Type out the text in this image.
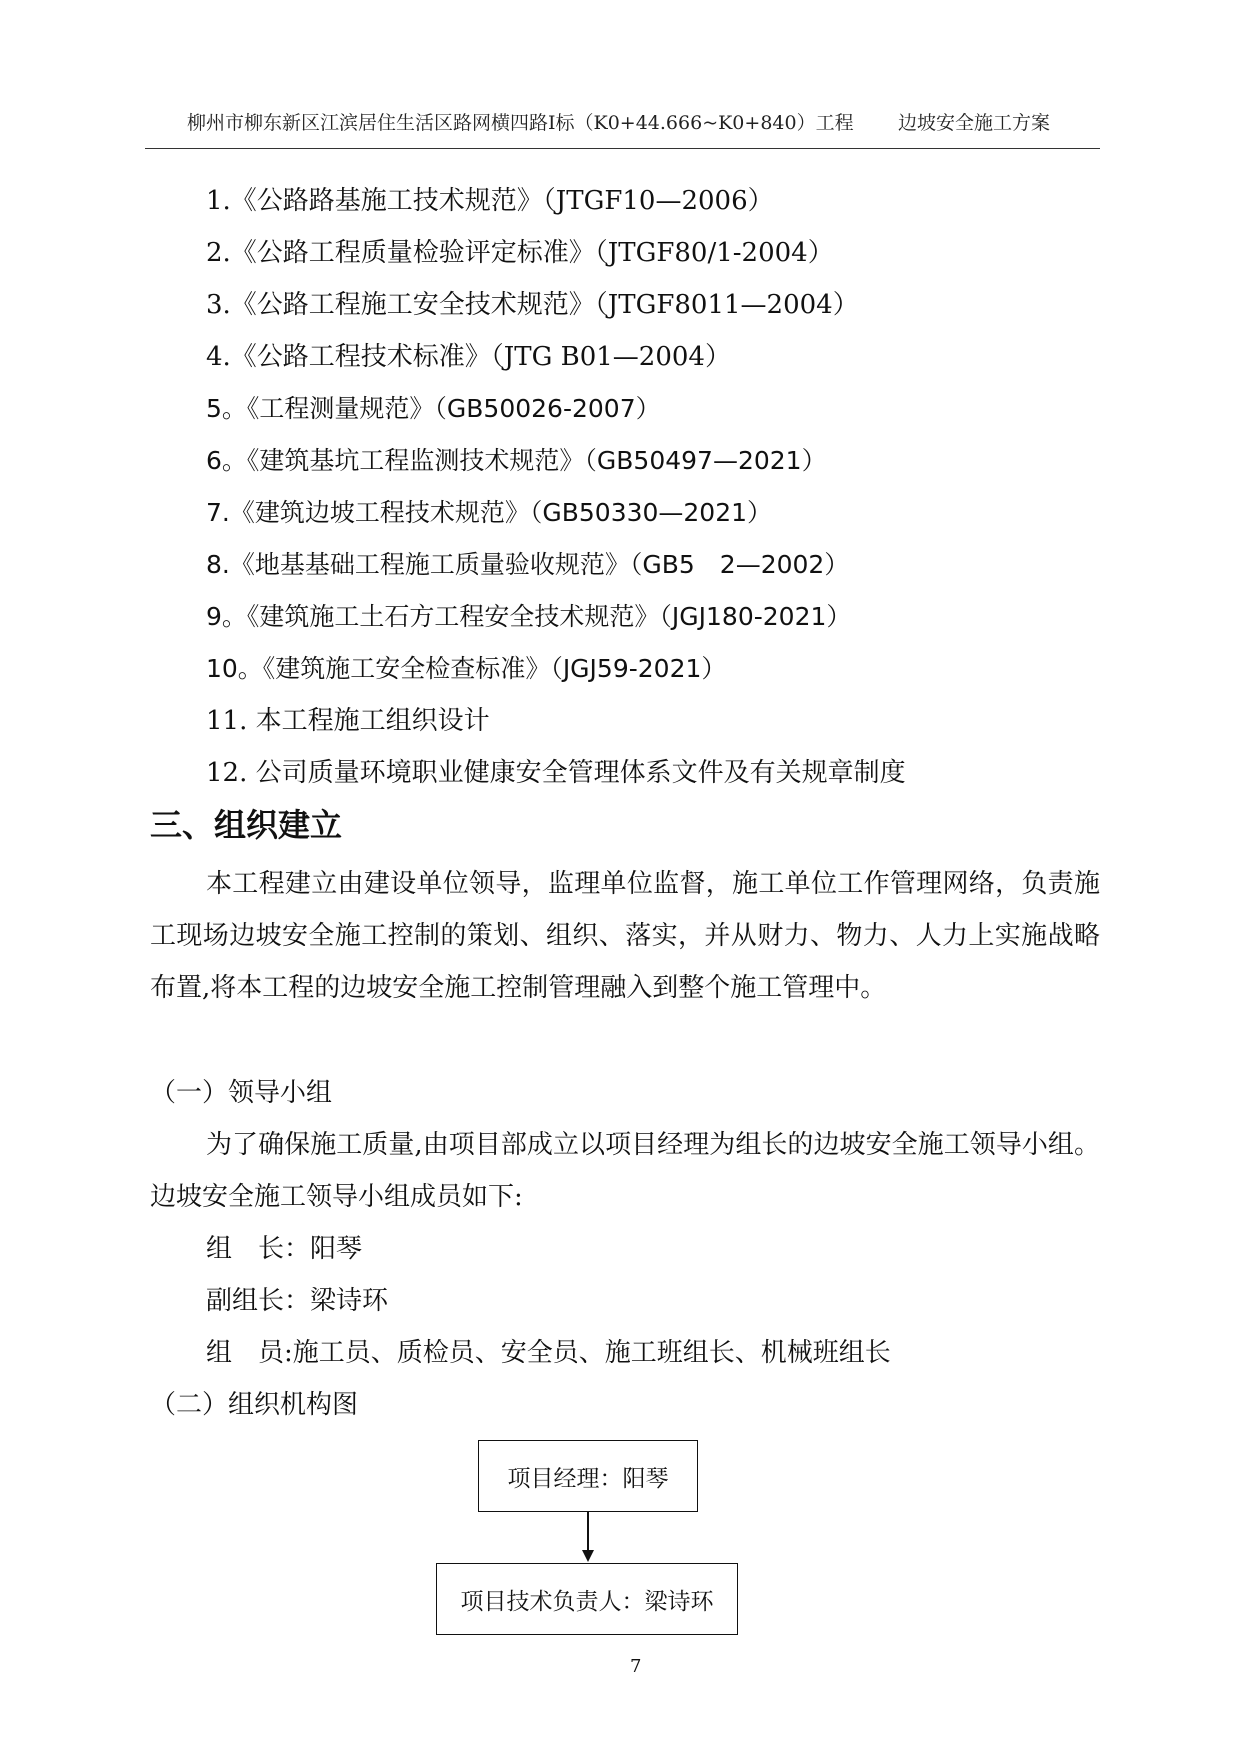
柳州市柳东新区江滨居住生活区路网横四路Ⅰ标（K0+44.666~K0+840）工程 边坡安全施工方案
1.《公路路基施工技术规范》（JTGF10—2006）
2.《公路工程质量检验评定标准》（JTGF80/1-2004）
3.《公路工程施工安全技术规范》（JTGF8011—2004）
4.《公路工程技术标准》（JTG B01—2004）
5。《工程测量规范》（GB50026-2007）
6。《建筑基坑工程监测技术规范》（GB50497—2021）
7.《建筑边坡工程技术规范》（GB50330—2021）
8.《地基基础工程施工质量验收规范》（GB5　2—2002）
9。《建筑施工土石方工程安全技术规范》（JGJ180-2021）
10。《建筑施工安全检查标准》（JGJ59-2021）
11. 本工程施工组织设计
12. 公司质量环境职业健康安全管理体系文件及有关规章制度
三、组织建立

本工程建立由建设单位领导，监理单位监督，施工单位工作管理网络，负责施工现场边坡安全施工控制的策划、组织、落实，并从财力、物力、人力上实施战略布置,将本工程的边坡安全施工控制管理融入到整个施工管理中。

（一）领导小组

为了确保施工质量,由项目部成立以项目经理为组长的边坡安全施工领导小组。边坡安全施工领导小组成员如下:

组　长：阳琴
副组长：梁诗环
组　员:施工员、质检员、安全员、施工班组长、机械班组长
（二）组织机构图
项目经理：阳琴
项目技术负责人：梁诗环
7
